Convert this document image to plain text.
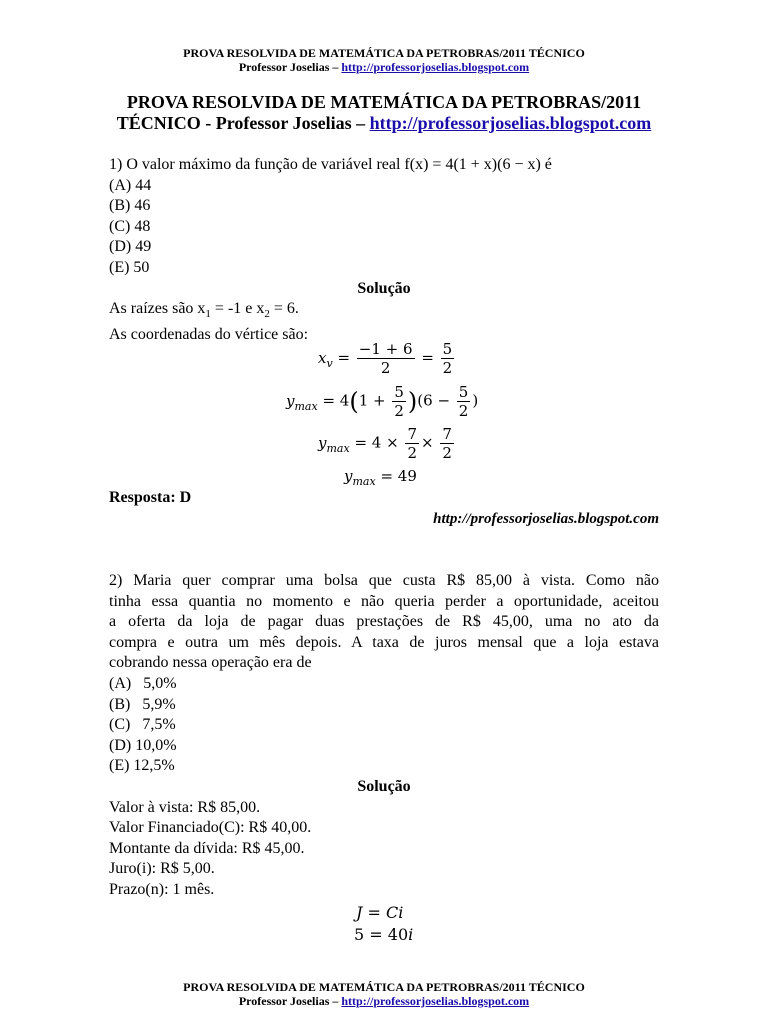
PROVA RESOLVIDA DE MATEMÁTICA DA PETROBRAS/2011 TÉCNICO
Professor Joselias – http://professorjoselias.blogspot.com
PROVA RESOLVIDA DE MATEMÁTICA DA PETROBRAS/2011
TÉCNICO - Professor Joselias – http://professorjoselias.blogspot.com
1) O valor máximo da função de variável real f(x) = 4(1 + x)(6 − x) é
(A) 44
(B) 46
(C) 48
(D) 49
(E) 50
Solução
As raízes são $x_1 = -1$ e $x_2 = 6$.
As coordenadas do vértice são:
$x_v = \frac{-1 + 6}{2} = \frac{5}{2}$
$y_{max} = 4(1 + \frac{5}{2} )(6 - \frac{5}{2}$ )
$y_{max} = 4 \times \frac{7}{2} \times \frac{7}{2}$
$y_{max} = 49$
Resposta: D
http://professorjoselias.blogspot.com
2) Maria quer comprar uma bolsa que custa R$ 85,00 à vista. Como não
tinha essa quantia no momento e não queria perder a oportunidade, aceitou
a oferta da loja de pagar duas prestações de R$ 45,00, uma no ato da
compra e outra um mês depois. A taxa de juros mensal que a loja estava
cobrando nessa operação era de
(A)   5,0%
(B)   5,9%
(C)   7,5%
(D) 10,0%
(E) 12,5%
Solução
Valor à vista: R$ 85,00.
Valor Financiado(C): R$ 40,00.
Montante da dívida: R$ 45,00.
Juro(i): R$ 5,00.
Prazo(n): 1 mês.
J = Ci
5 = 40i
PROVA RESOLVIDA DE MATEMÁTICA DA PETROBRAS/2011 TÉCNICO
Professor Joselias – http://professorjoselias.blogspot.com
